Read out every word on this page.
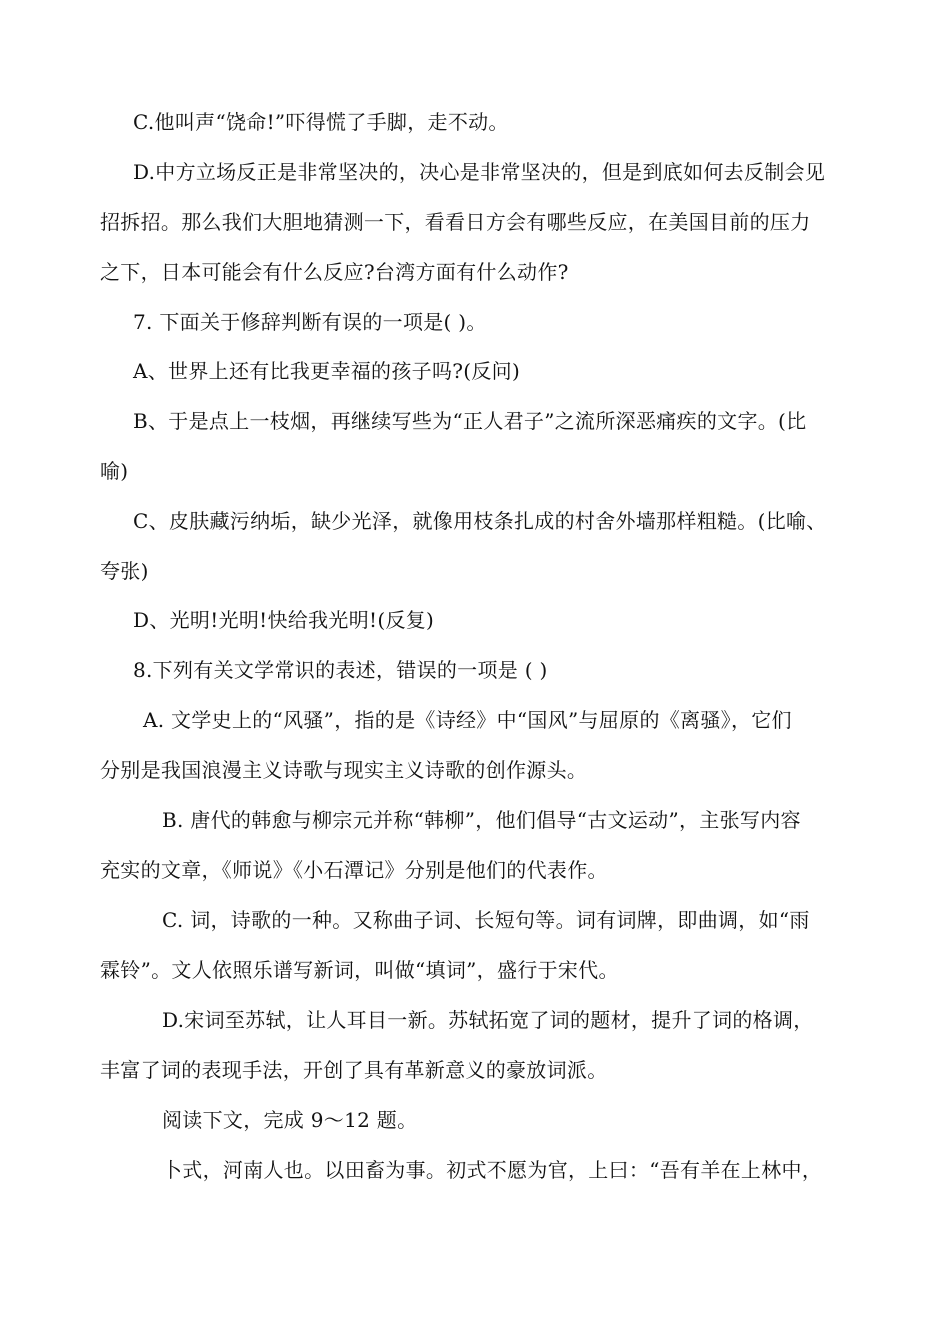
C.他叫声“饶命!”吓得慌了手脚，走不动。
D.中方立场反正是非常坚决的，决心是非常坚决的，但是到底如何去反制会见
招拆招。那么我们大胆地猜测一下，看看日方会有哪些反应，在美国目前的压力
之下，日本可能会有什么反应?台湾方面有什么动作?
7. 下面关于修辞判断有误的一项是( )。
A、世界上还有比我更幸福的孩子吗?(反问)
B、于是点上一枝烟，再继续写些为“正人君子”之流所深恶痛疾的文字。(比
喻)
C、皮肤藏污纳垢，缺少光泽，就像用枝条扎成的村舍外墙那样粗糙。(比喻、
夸张)
D、光明!光明!快给我光明!(反复)
8.下列有关文学常识的表述，错误的一项是 ( )
A. 文学史上的“风骚”，指的是《诗经》中“国风”与屈原的《离骚》，它们
分别是我国浪漫主义诗歌与现实主义诗歌的创作源头。
B. 唐代的韩愈与柳宗元并称“韩柳”，他们倡导“古文运动”，主张写内容
充实的文章，《师说》《小石潭记》分别是他们的代表作。
C. 词，诗歌的一种。又称曲子词、长短句等。词有词牌，即曲调，如“雨
霖铃”。文人依照乐谱写新词，叫做“填词”，盛行于宋代。
D.宋词至苏轼，让人耳目一新。苏轼拓宽了词的题材，提升了词的格调，
丰富了词的表现手法，开创了具有革新意义的豪放词派。
阅读下文，完成 9～12 题。
卜式，河南人也。以田畜为事。初式不愿为官，上曰：“吾有羊在上林中，
